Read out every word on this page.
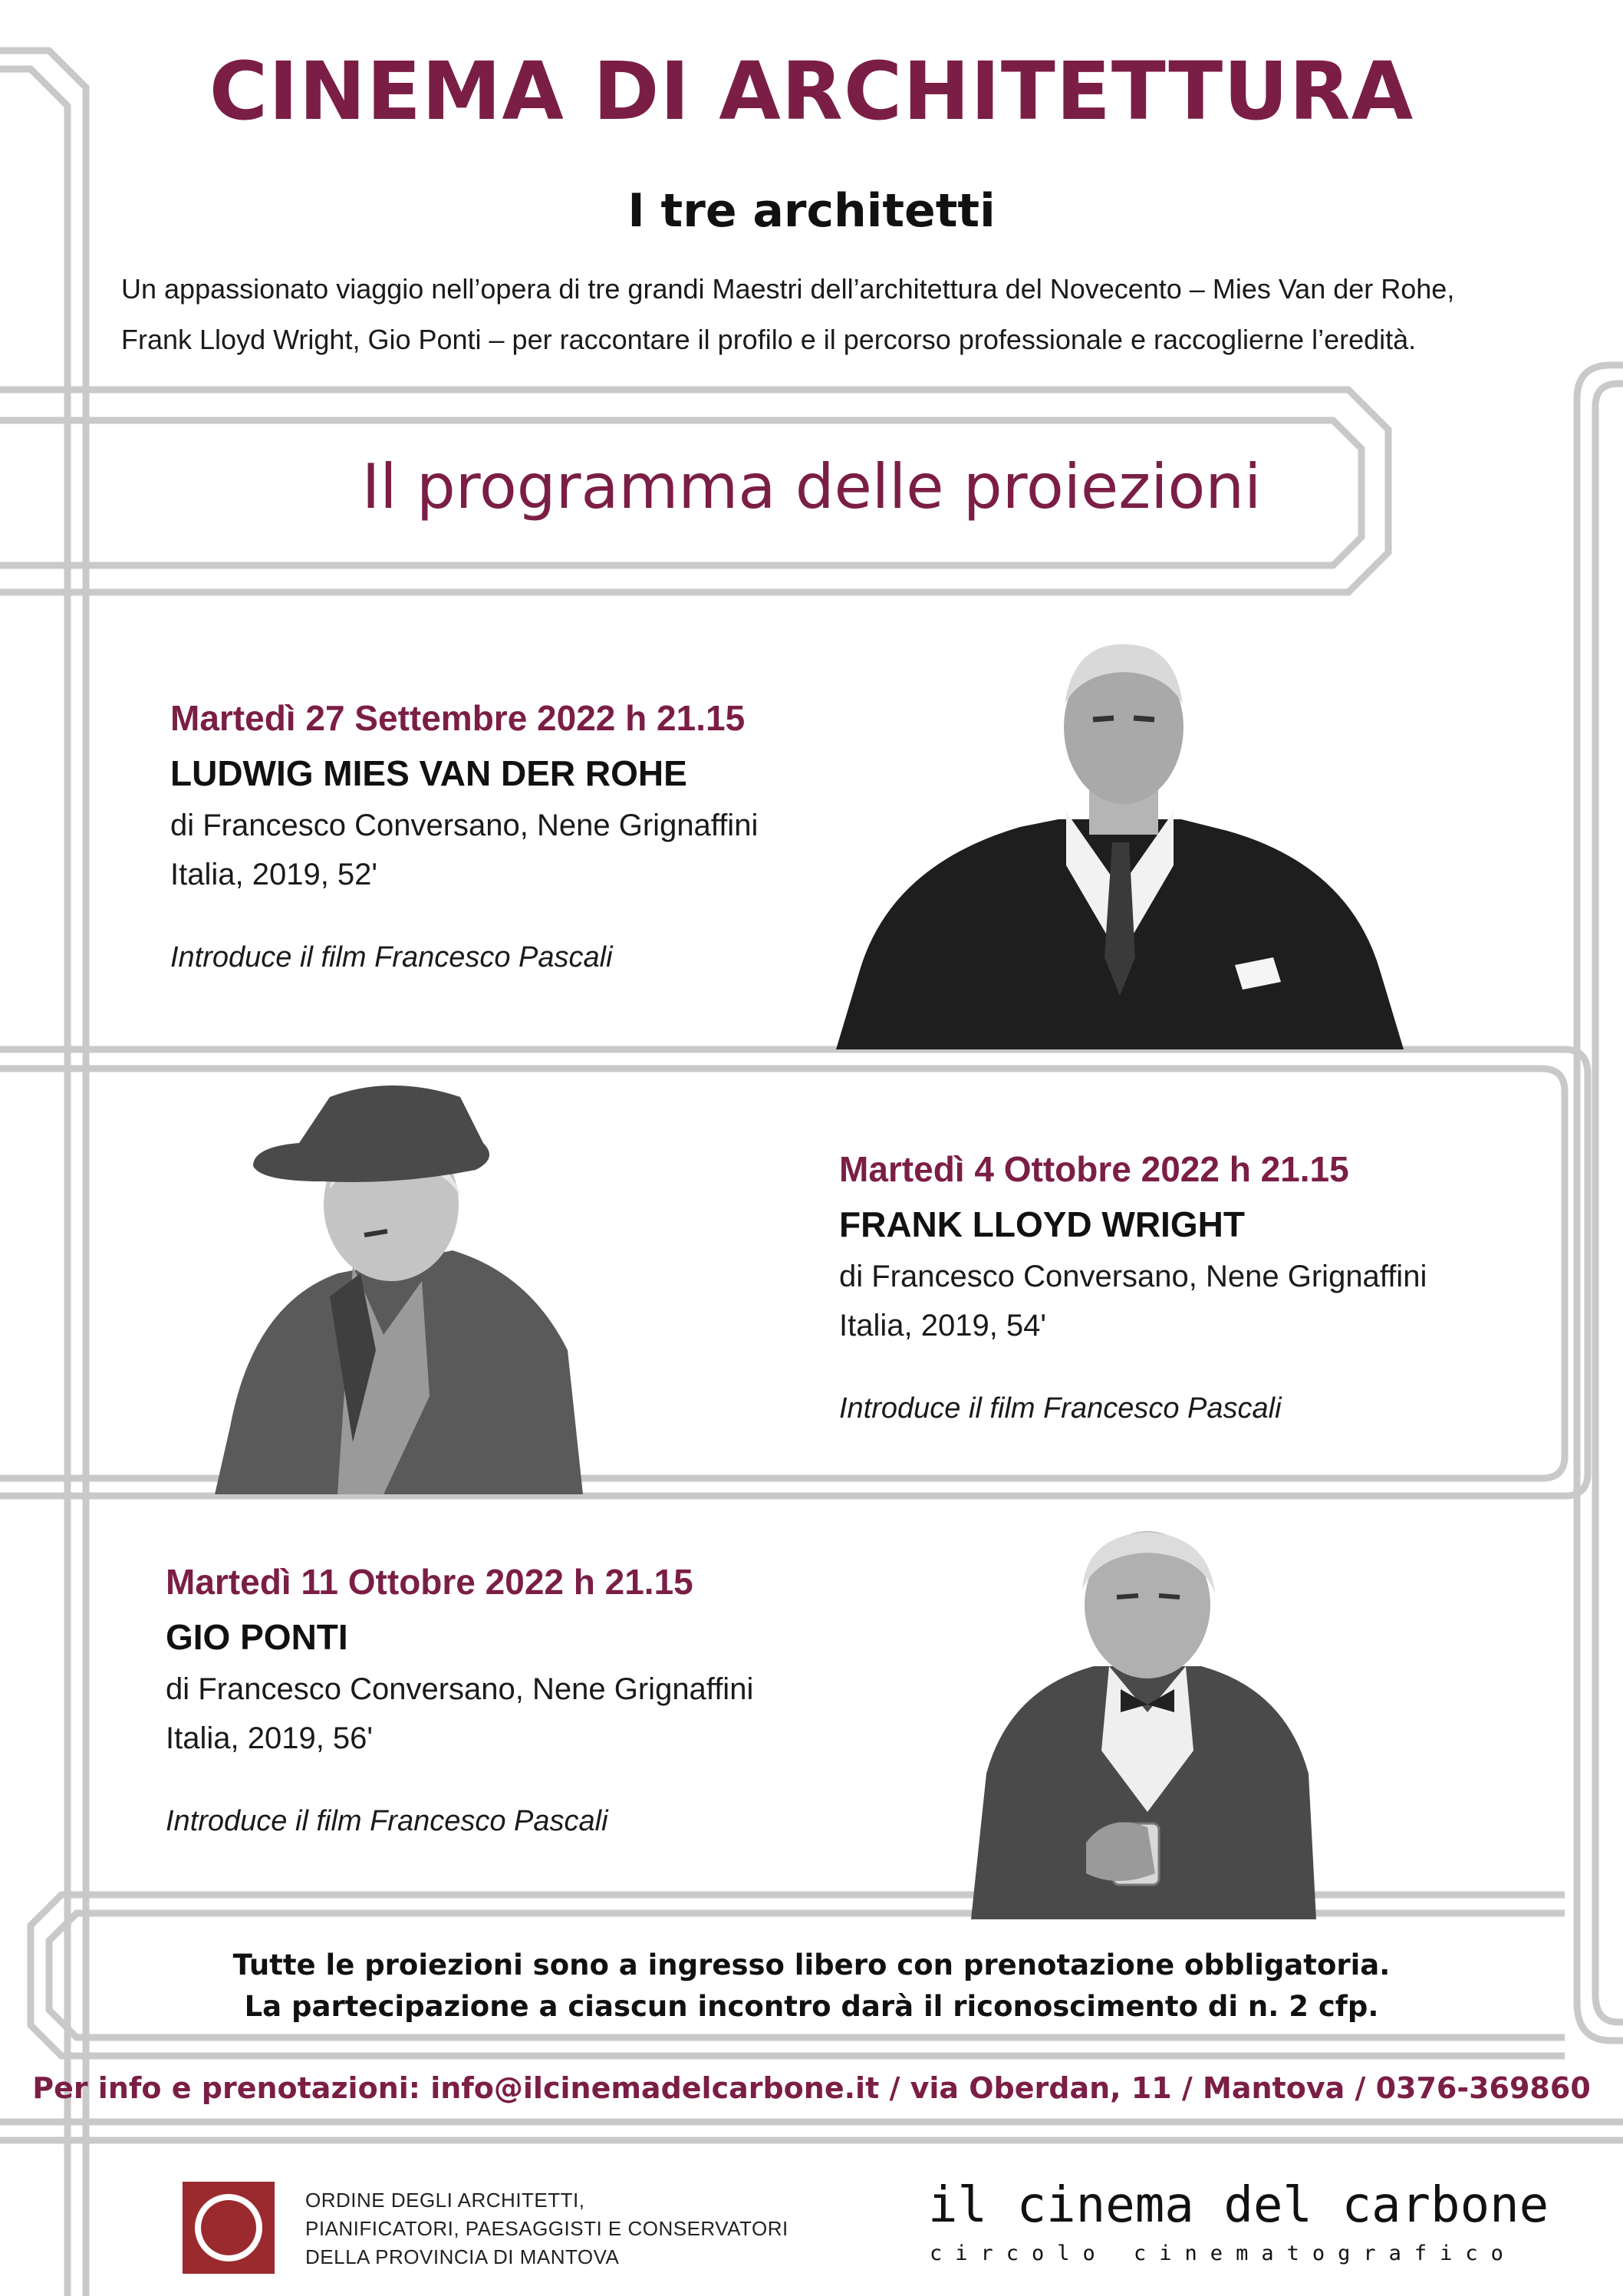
CINEMA DI ARCHITETTURA
I tre architetti
Un appassionato viaggio nell’opera di tre grandi Maestri dell’architettura del Novecento – Mies Van der Rohe,
Frank Lloyd Wright, Gio Ponti – per raccontare il profilo e il percorso professionale e raccoglierne l’eredità.
Il programma delle proiezioni
Martedì 27 Settembre 2022 h 21.15
LUDWIG MIES VAN DER ROHE
di Francesco Conversano, Nene Grignaffini
Italia, 2019, 52'
Introduce il film Francesco Pascali
Martedì 4 Ottobre 2022 h 21.15
FRANK LLOYD WRIGHT
di Francesco Conversano, Nene Grignaffini
Italia, 2019, 54'
Introduce il film Francesco Pascali
Martedì 11 Ottobre 2022 h 21.15
GIO PONTI
di Francesco Conversano, Nene Grignaffini
Italia, 2019, 56'
Introduce il film Francesco Pascali
Tutte le proiezioni sono a ingresso libero con prenotazione obbligatoria.
La partecipazione a ciascun incontro darà il riconoscimento di n. 2 cfp.
Per info e prenotazioni: info@ilcinemadelcarbone.it / via Oberdan, 11 / Mantova / 0376-369860
ORDINE DEGLI ARCHITETTI,
PIANIFICATORI, PAESAGGISTI E CONSERVATORI
DELLA PROVINCIA DI MANTOVA
il cinema del carbone
circolo cinematografico
